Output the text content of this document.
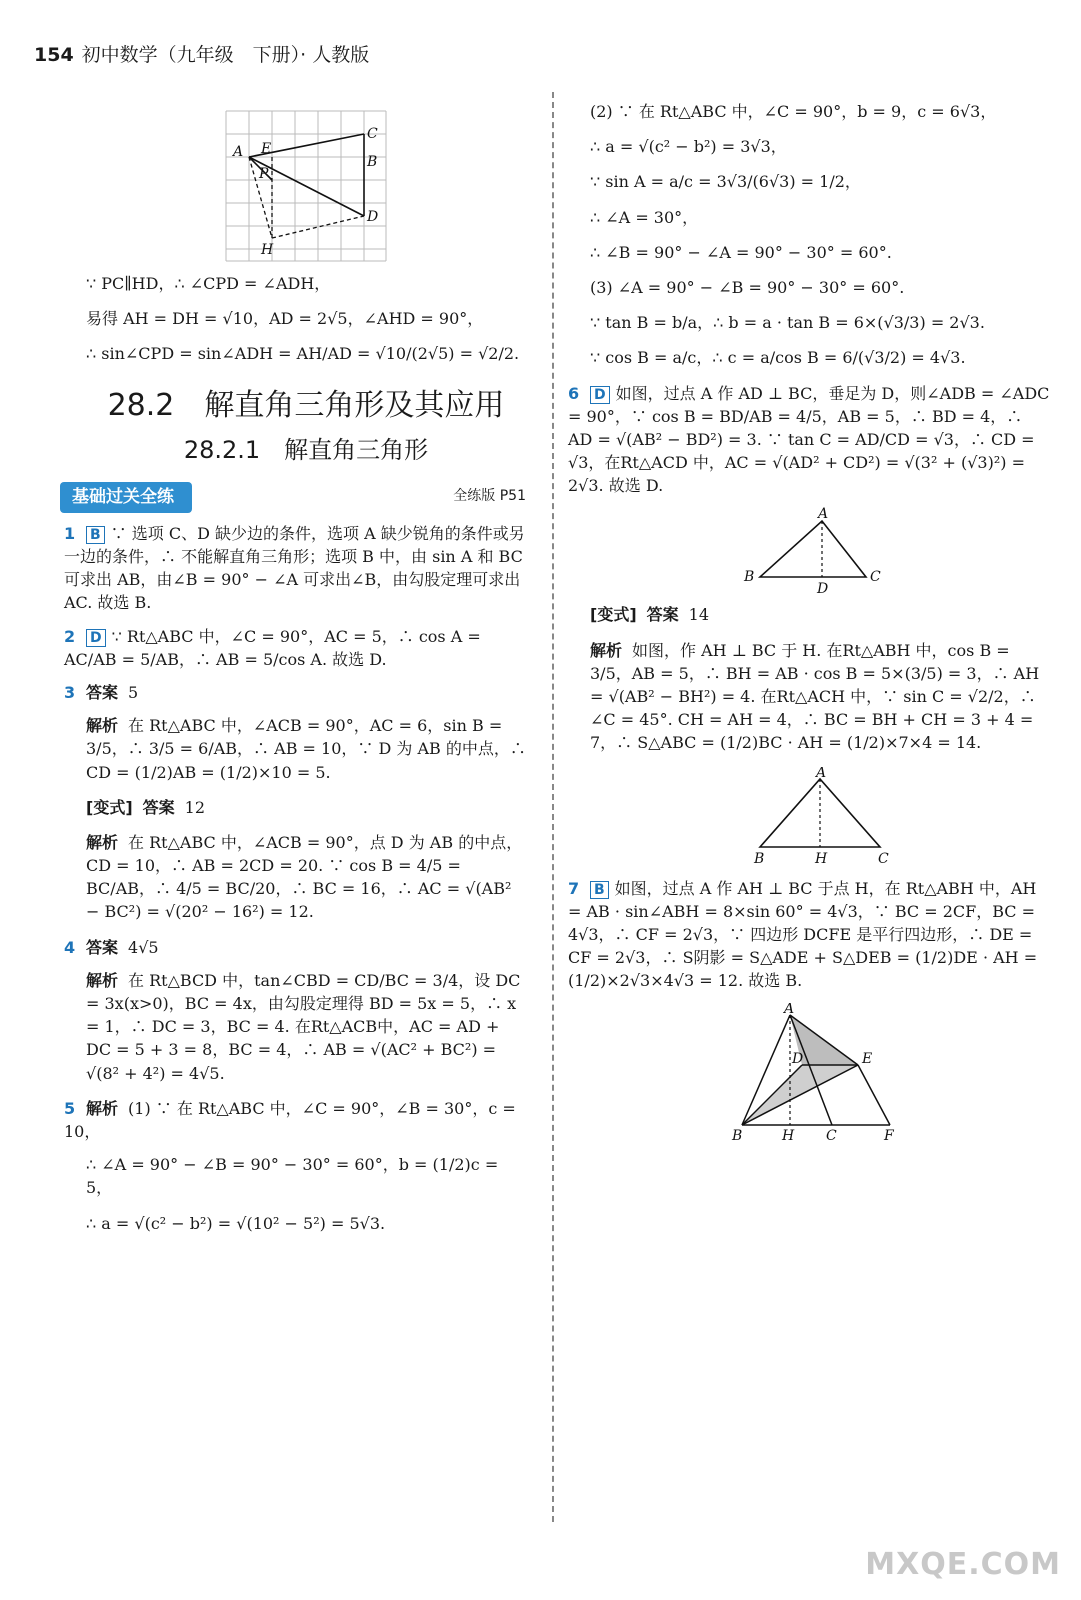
154 初中数学（九年级　下册）· 人教版
A E
C
B
P
D
H

∵ PC∥HD，∴ ∠CPD = ∠ADH，

易得 AH = DH = √10，AD = 2√5，∠AHD = 90°，

∴ sin∠CPD = sin∠ADH = AH/AD = √10/(2√5) = √2/2.

28.2　解直角三角形及其应用
28.2.1　解直角三角形
基础过关全练	全练版 P51

1 B ∵ 选项 C、D 缺少边的条件，选项 A 缺少锐角的条件或另一边的条件，∴ 不能解直角三角形；选项 B 中，由 sin A 和 BC 可求出 AB，由∠B = 90° − ∠A 可求出∠B，由勾股定理可求出 AC. 故选 B.

2 D ∵ Rt△ABC 中，∠C = 90°，AC = 5，∴ cos A = AC/AB = 5/AB，∴ AB = 5/cos A. 故选 D.

3 答案 5

解析 在 Rt△ABC 中，∠ACB = 90°，AC = 6，sin B = 3/5，∴ 3/5 = 6/AB，∴ AB = 10，∵ D 为 AB 的中点，∴ CD = (1/2)AB = (1/2)×10 = 5.

[变式] 答案 12

解析 在 Rt△ABC 中，∠ACB = 90°，点 D 为 AB 的中点，CD = 10，∴ AB = 2CD = 20. ∵ cos B = 4/5 = BC/AB，∴ 4/5 = BC/20，∴ BC = 16，∴ AC = √(AB² − BC²) = √(20² − 16²) = 12.

4 答案 4√5

解析 在 Rt△BCD 中，tan∠CBD = CD/BC = 3/4，设 DC = 3x(x>0)，BC = 4x，由勾股定理得 BD = 5x = 5，∴ x = 1，∴ DC = 3，BC = 4. 在Rt△ACB中，AC = AD + DC = 5 + 3 = 8，BC = 4，∴ AB = √(AC² + BC²) = √(8² + 4²) = 4√5.

5 解析 (1) ∵ 在 Rt△ABC 中，∠C = 90°，∠B = 30°，c = 10，

∴ ∠A = 90° − ∠B = 90° − 30° = 60°，b = (1/2)c = 5，

∴ a = √(c² − b²) = √(10² − 5²) = 5√3.

(2) ∵ 在 Rt△ABC 中，∠C = 90°，b = 9，c = 6√3，

∴ a = √(c² − b²) = 3√3，

∵ sin A = a/c = 3√3/(6√3) = 1/2，

∴ ∠A = 30°，

∴ ∠B = 90° − ∠A = 90° − 30° = 60°.

(3) ∠A = 90° − ∠B = 90° − 30° = 60°.

∵ tan B = b/a，∴ b = a · tan B = 6×(√3/3) = 2√3.

∵ cos B = a/c，∴ c = a/cos B = 6/(√3/2) = 4√3.

6 D 如图，过点 A 作 AD ⊥ BC，垂足为 D，则∠ADB = ∠ADC = 90°，∵ cos B = BD/AB = 4/5，AB = 5，∴ BD = 4，∴ AD = √(AB² − BD²) = 3. ∵ tan C = AD/CD = √3，∴ CD = √3，在Rt△ACD 中，AC = √(AD² + CD²) = √(3² + (√3)²) = 2√3. 故选 D.

A
B
D
C

[变式] 答案 14

解析 如图，作 AH ⊥ BC 于 H. 在Rt△ABH 中，cos B = 3/5，AB = 5，∴ BH = AB · cos B = 5×(3/5) = 3，∴ AH = √(AB² − BH²) = 4. 在Rt△ACH 中，∵ sin C = √2/2，∴ ∠C = 45°. CH = AH = 4，∴ BC = BH + CH = 3 + 4 = 7，∴ S△ABC = (1/2)BC · AH = (1/2)×7×4 = 14.

A
B	H	C

7 B 如图，过点 A 作 AH ⊥ BC 于点 H，在 Rt△ABH 中，AH = AB · sin∠ABH = 8×sin 60° = 4√3，∵ BC = 2CF，BC = 4√3，∴ CF = 2√3，∵ 四边形 DCFE 是平行四边形，∴ DE = CF = 2√3，∴ S阴影 = S△ADE + S△DEB = (1/2)DE · AH = (1/2)×2√3×4√3 = 12. 故选 B.

A
D	E
B	H C	F
MXQE.COM
